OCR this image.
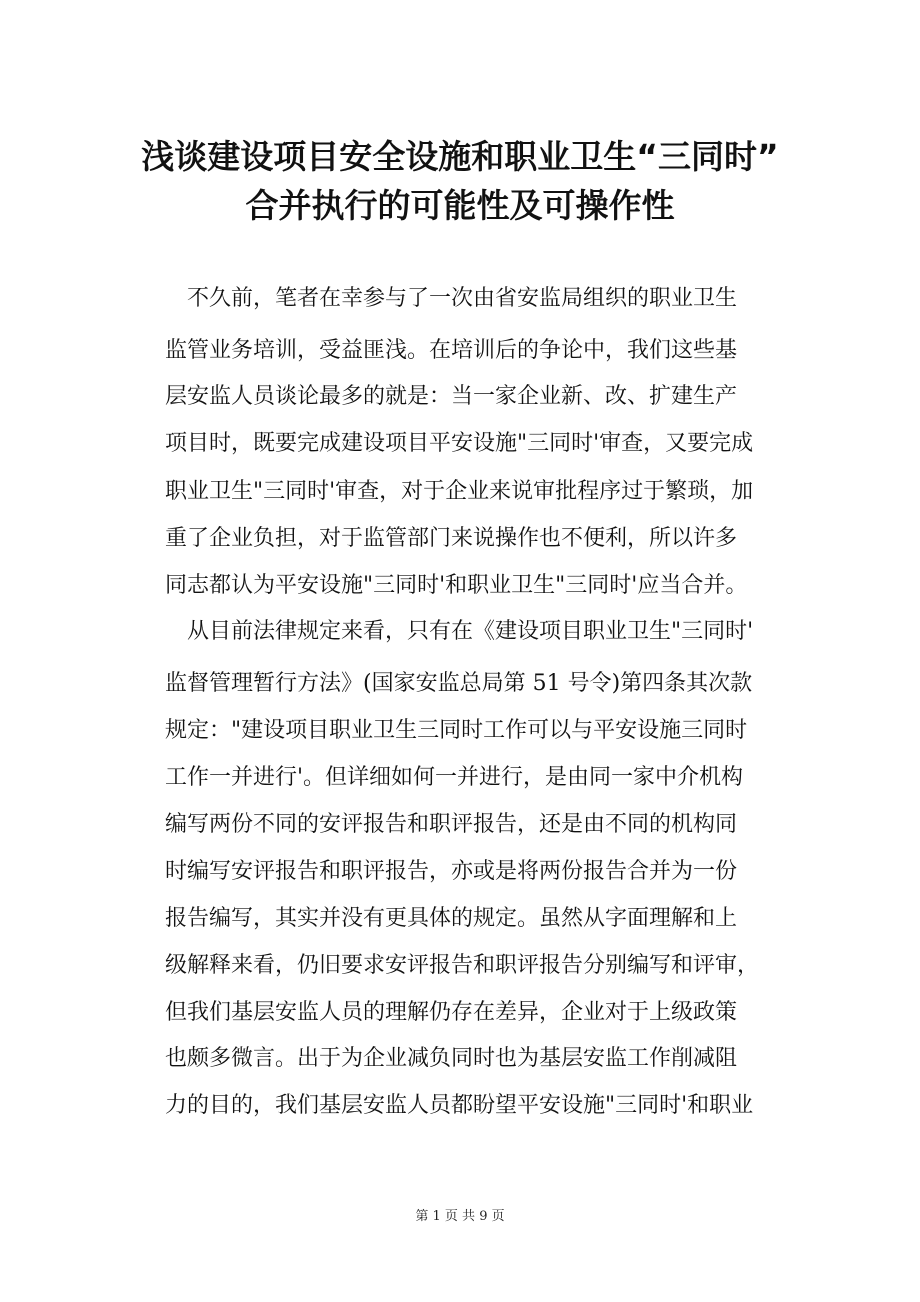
浅谈建设项目安全设施和职业卫生“三同时”
合并执行的可能性及可操作性
不久前，笔者在幸参与了一次由省安监局组织的职业卫生
监管业务培训，受益匪浅。在培训后的争论中，我们这些基
层安监人员谈论最多的就是：当一家企业新、改、扩建生产
项目时，既要完成建设项目平安设施"三同时'审查，又要完成
职业卫生"三同时'审查，对于企业来说审批程序过于繁琐，加
重了企业负担，对于监管部门来说操作也不便利，所以许多
同志都认为平安设施"三同时'和职业卫生"三同时'应当合并。
从目前法律规定来看，只有在《建设项目职业卫生"三同时'
监督管理暂行方法》(国家安监总局第 51 号令)第四条其次款
规定："建设项目职业卫生三同时工作可以与平安设施三同时
工作一并进行'。但详细如何一并进行，是由同一家中介机构
编写两份不同的安评报告和职评报告，还是由不同的机构同
时编写安评报告和职评报告，亦或是将两份报告合并为一份
报告编写，其实并没有更具体的规定。虽然从字面理解和上
级解释来看，仍旧要求安评报告和职评报告分别编写和评审，
但我们基层安监人员的理解仍存在差异，企业对于上级政策
也颇多微言。出于为企业减负同时也为基层安监工作削减阻
力的目的，我们基层安监人员都盼望平安设施"三同时'和职业
第 1 页 共 9 页
